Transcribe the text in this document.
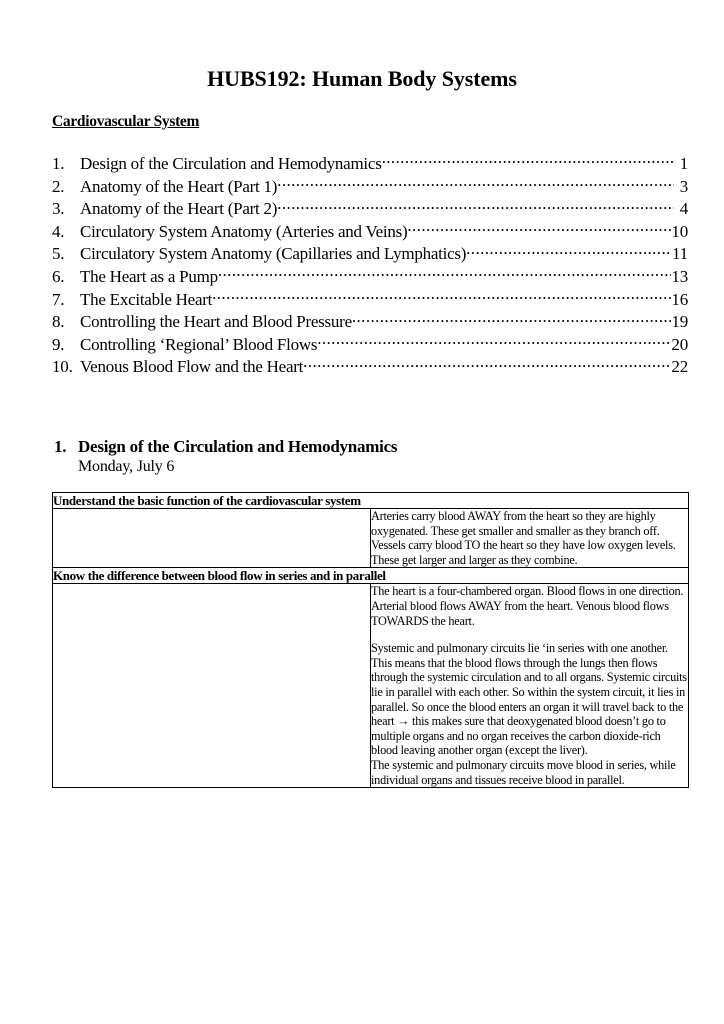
HUBS192: Human Body Systems
Cardiovascular System
1. Design of the Circulation and Hemodynamics .....	1
2. Anatomy of the Heart (Part 1) .....	3
3. Anatomy of the Heart (Part 2) .....	4
4. Circulatory System Anatomy (Arteries and Veins) .....	10
5. Circulatory System Anatomy (Capillaries and Lymphatics) .....	11
6. The Heart as a Pump .....	13
7. The Excitable Heart .....	16
8. Controlling the Heart and Blood Pressure .....	19
9. Controlling ‘Regional’ Blood Flows .....	20
10. Venous Blood Flow and the Heart .....	22
1. Design of the Circulation and Hemodynamics
Monday, July 6
Understand the basic function of the cardiovascular system	

	Arteries carry blood AWAY from the heart so they are highly oxygenated. These get smaller and smaller as they branch off.

Vessels carry blood TO the heart so they have low oxygen levels. These get larger and larger as they combine.

Know the difference between blood flow in series and in parallel	

	The heart is a four-chambered organ. Blood flows in one direction. Arterial blood flows AWAY from the heart. Venous blood flows TOWARDS the heart.

Systemic and pulmonary circuits lie ‘in series with one another. This means that the blood flows through the lungs then flows through the systemic circulation and to all organs. Systemic circuits lie in parallel with each other. So within the system circuit, it lies in parallel. So once the blood enters an organ it will travel back to the heart → this makes sure that deoxygenated blood doesn’t go to multiple organs and no organ receives the carbon dioxide-rich blood leaving another organ (except the liver).

The systemic and pulmonary circuits move blood in series, while individual organs and tissues receive blood in parallel.
